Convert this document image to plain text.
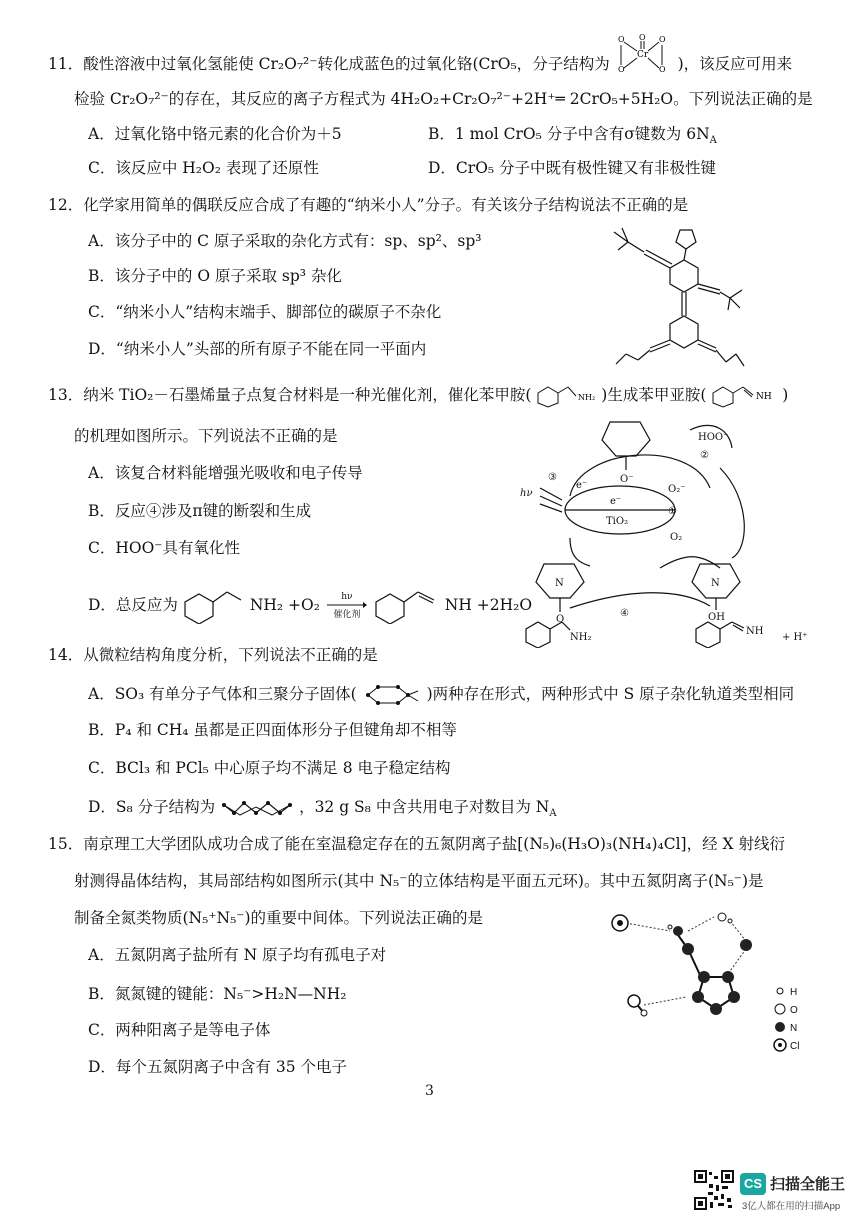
11．酸性溶液中过氧化氢能使 Cr₂O₇²⁻转化成蓝色的过氧化铬(CrO₅，分子结构为
O O O
Cr
O	O )，该反应可用来
检验 Cr₂O₇²⁻的存在，其反应的离子方程式为 4H₂O₂+Cr₂O₇²⁻+2H⁺═ 2CrO₅+5H₂O。下列说法正确的是
A．过氧化铬中铬元素的化合价为＋5	B．1 mol CrO₅ 分子中含有σ键数为 $6N_A$
C．该反应中 H₂O₂ 表现了还原性	D．CrO₅ 分子中既有极性键又有非极性键
12．化学家用简单的偶联反应合成了有趣的“纳米小人”分子。有关该分子结构说法不正确的是
A．该分子中的 C 原子采取的杂化方式有：sp、sp²、sp³
B．该分子中的 O 原子采取 sp³ 杂化
C．“纳米小人”结构末端手、脚部位的碳原子不杂化
D．“纳米小人”头部的所有原子不能在同一平面内
13．纳米 TiO₂－石墨烯量子点复合材料是一种光催化剂，催化苯甲胺(	NH₂ )生成苯甲亚胺(	NH )
的机理如图所示。下列说法不正确的是
A．该复合材料能增强光吸收和电子传导
B．反应④涉及π键的断裂和生成
C．HOO⁻具有氧化性
D．总反应为	NH₂ +O₂ hν

催化剂  NH +2H₂O
HOO⁻
②
③
hν
e⁻
e⁻
TiO₂
O₂⁻
①
O₂
O⁻
N
O
N
OH
④
NH₂
NH
+ H⁺
14．从微粒结构角度分析，下列说法不正确的是
A．SO₃ 有单分子气体和三聚分子固体(	)两种存在形式，两种形式中 S 原子杂化轨道类型相同
B．P₄ 和 CH₄ 虽都是正四面体形分子但键角却不相等
C．BCl₃ 和 PCl₅ 中心原子均不满足 8 电子稳定结构
D．S₈ 分子结构为	，32 g S₈ 中含共用电子对数目为 $N_A$
15．南京理工大学团队成功合成了能在室温稳定存在的五氮阴离子盐[(N₅)₆(H₃O)₃(NH₄)₄Cl]，经 X 射线衍
射测得晶体结构，其局部结构如图所示(其中 N₅⁻的立体结构是平面五元环)。其中五氮阴离子(N₅⁻)是
制备全氮类物质(N₅⁺N₅⁻)的重要中间体。下列说法正确的是
A．五氮阴离子盐所有 N 原子均有孤电子对
B．氮氮键的键能：N₅⁻>H₂N—NH₂
C．两种阳离子是等电子体
D．每个五氮阴离子中含有 35 个电子
H
O
N
Cl
3
CS 扫描全能王
3亿人都在用的扫描App
